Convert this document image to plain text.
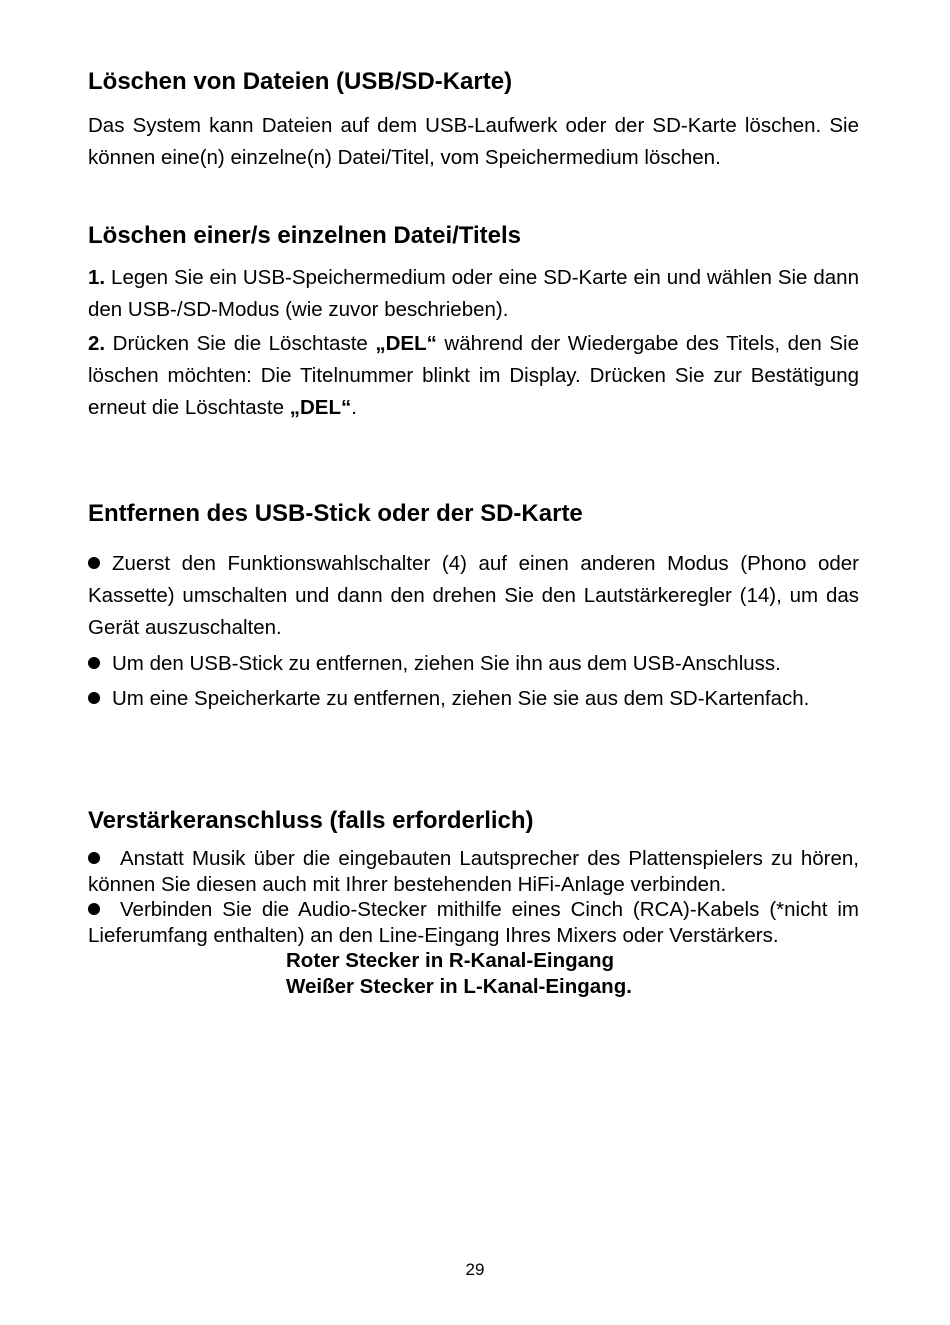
Löschen von Dateien (USB/SD-Karte)

Das System kann Dateien auf dem USB-Laufwerk oder der SD-Karte löschen. Sie können eine(n) einzelne(n) Datei/Titel, vom Speichermedium löschen.

Löschen einer/s einzelnen Datei/Titels

1. Legen Sie ein USB-Speichermedium oder eine SD-Karte ein und wählen Sie dann den USB-/SD-Modus (wie zuvor beschrieben).

2. Drücken Sie die Löschtaste „DEL“ während der Wiedergabe des Titels, den Sie löschen möchten: Die Titelnummer blinkt im Display. Drücken Sie zur Bestätigung erneut die Löschtaste „DEL“.

Entfernen des USB-Stick oder der SD-Karte

Zuerst den Funktionswahlschalter (4) auf einen anderen Modus (Phono oder Kassette) umschalten und dann den drehen Sie den Lautstärkeregler (14), um das Gerät auszuschalten.

Um den USB-Stick zu entfernen, ziehen Sie ihn aus dem USB-Anschluss.

Um eine Speicherkarte zu entfernen, ziehen Sie sie aus dem SD-Kartenfach.

Verstärkeranschluss (falls erforderlich)

Anstatt Musik über die eingebauten Lautsprecher des Plattenspielers zu hören, können Sie diesen auch mit Ihrer bestehenden HiFi-Anlage verbinden.

Verbinden Sie die Audio-Stecker mithilfe eines Cinch (RCA)-Kabels (*nicht im Lieferumfang enthalten) an den Line-Eingang Ihres Mixers oder Verstärkers.

Roter Stecker in R-Kanal-Eingang
Weißer Stecker in L-Kanal-Eingang.
29
